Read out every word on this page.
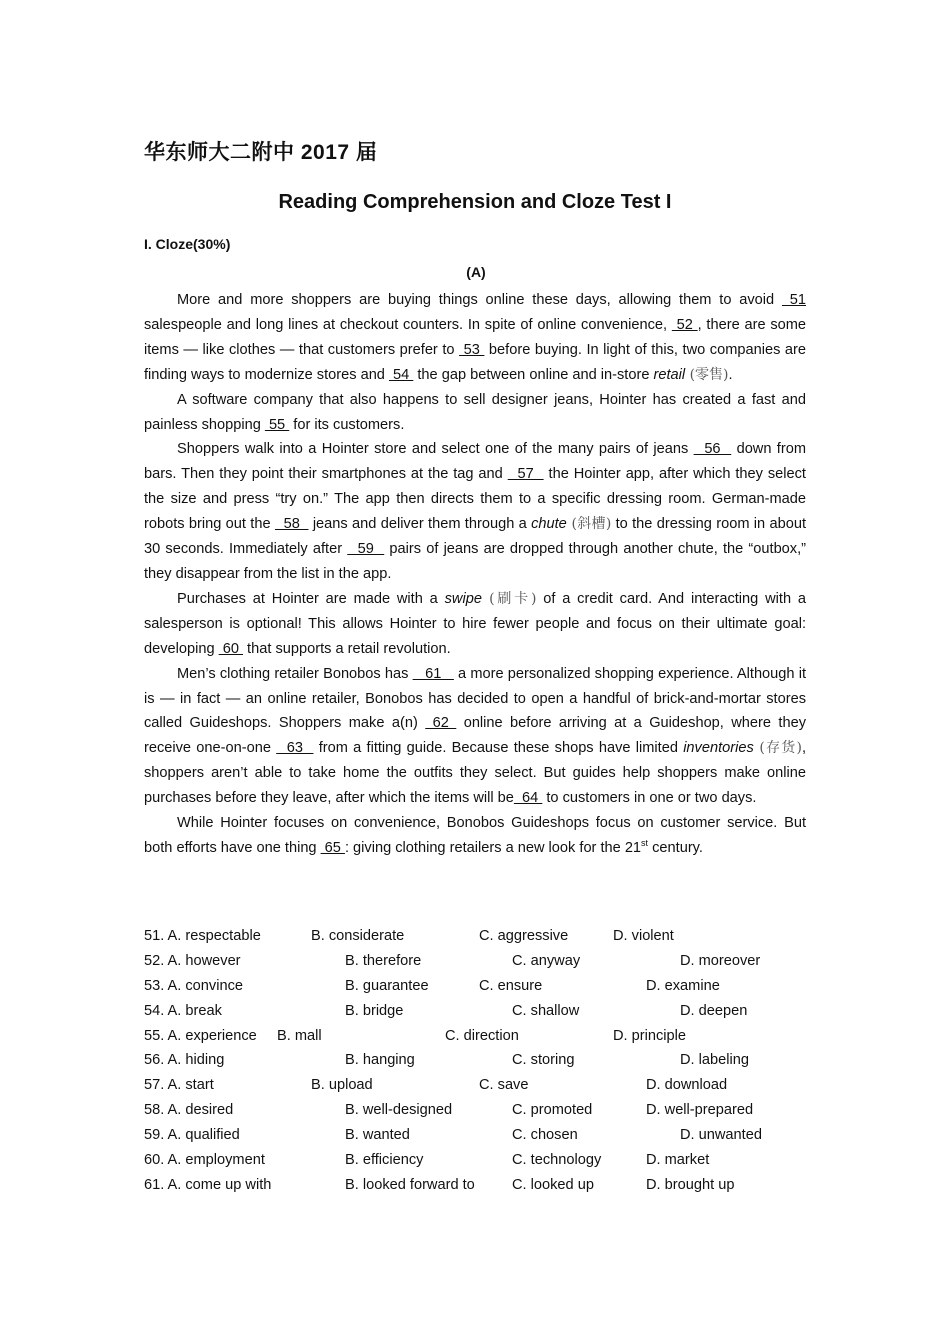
华东师大二附中 2017 届
Reading Comprehension and Cloze Test I
I. Cloze(30%)
(A)

More and more shoppers are buying things online these days, allowing them to avoid  51 salespeople and long lines at checkout counters. In spite of online convenience,  52 , there are some items — like clothes — that customers prefer to  53  before buying. In light of this, two companies are finding ways to modernize stores and  54  the gap between online and in-store retail (零售).

A software company that also happens to sell designer jeans, Hointer has created a fast and painless shopping  55  for its customers.

Shoppers walk into a Hointer store and select one of the many pairs of jeans   56   down from bars. Then they point their smartphones at the tag and   57   the Hointer app, after which they select the size and press “try on.” The app then directs them to a specific dressing room. German-made robots bring out the   58   jeans and deliver them through a chute (斜槽) to the dressing room in about 30 seconds. Immediately after   59   pairs of jeans are dropped through another chute, the “outbox,” they disappear from the list in the app.

Purchases at Hointer are made with a swipe (刷卡) of a credit card. And interacting with a salesperson is optional! This allows Hointer to hire fewer people and focus on their ultimate goal: developing  60  that supports a retail revolution.

Men’s clothing retailer Bonobos has    61    a more personalized shopping experience. Although it is — in fact — an online retailer, Bonobos has decided to open a handful of brick-and-mortar stores called Guideshops. Shoppers make a(n)  62  online before arriving at a Guideshop, where they receive one-on-one   63   from a fitting guide. Because these shops have limited inventories (存货), shoppers aren’t able to take home the outfits they select. But guides help shoppers make online purchases before they leave, after which the items will be  64  to customers in one or two days.

While Hointer focuses on convenience, Bonobos Guideshops focus on customer service. But both efforts have one thing  65 : giving clothing retailers a new look for the 21st century.

51. A. respectable	B. considerate	C. aggressive	D. violent
52. A. however	B. therefore	C. anyway	D. moreover
53. A. convince	B. guarantee	C. ensure	D. examine
54. A. break	B. bridge	C. shallow	D. deepen
55. A. experience B. mall	C. direction	D. principle
56. A. hiding	B. hanging	C. storing	D. labeling
57. A. start	B. upload	C. save	D. download
58. A. desired	B. well-designed	C. promoted	D. well-prepared
59. A. qualified	B. wanted	C. chosen	D. unwanted
60. A. employment	B. efficiency	C. technology	D. market
61. A. come up with	B. looked forward to	C. looked up	D. brought up
